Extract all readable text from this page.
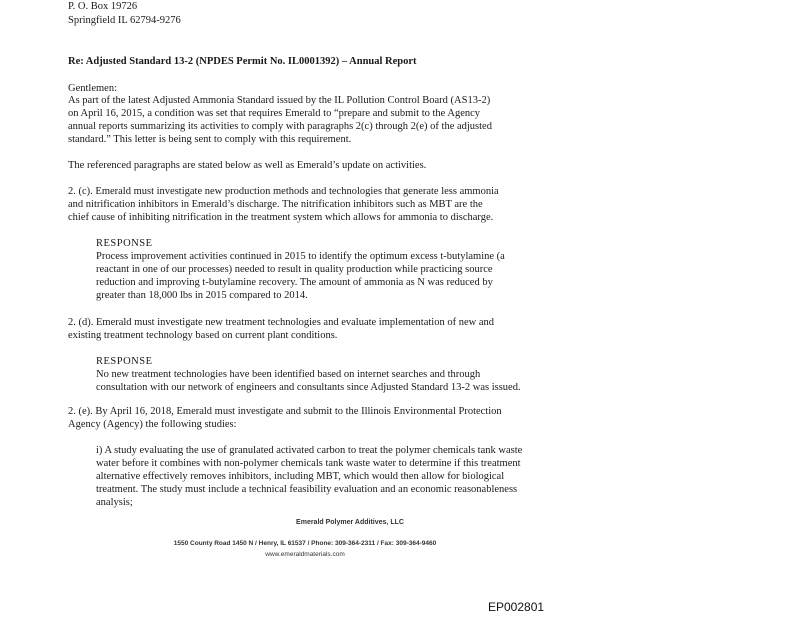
P. O. Box 19726
Springfield IL 62794-9276
Re: Adjusted Standard 13-2 (NPDES Permit No. IL0001392) – Annual Report
Gentlemen:
As part of the latest Adjusted Ammonia Standard issued by the IL Pollution Control Board (AS13-2)
on April 16, 2015, a condition was set that requires Emerald to “prepare and submit to the Agency
annual reports summarizing its activities to comply with paragraphs 2(c) through 2(e) of the adjusted
standard.” This letter is being sent to comply with this requirement.
The referenced paragraphs are stated below as well as Emerald’s update on activities.
2. (c). Emerald must investigate new production methods and technologies that generate less ammonia
and nitrification inhibitors in Emerald’s discharge. The nitrification inhibitors such as MBT are the
chief cause of inhibiting nitrification in the treatment system which allows for ammonia to discharge.
RESPONSE
Process improvement activities continued in 2015 to identify the optimum excess t-butylamine (a
reactant in one of our processes) needed to result in quality production while practicing source
reduction and improving t-butylamine recovery. The amount of ammonia as N was reduced by
greater than 18,000 lbs in 2015 compared to 2014.
2. (d). Emerald must investigate new treatment technologies and evaluate implementation of new and
existing treatment technology based on current plant conditions.
RESPONSE
No new treatment technologies have been identified based on internet searches and through
consultation with our network of engineers and consultants since Adjusted Standard 13-2 was issued.
2. (e). By April 16, 2018, Emerald must investigate and submit to the Illinois Environmental Protection
Agency (Agency) the following studies:
i) A study evaluating the use of granulated activated carbon to treat the polymer chemicals tank waste
water before it combines with non-polymer chemicals tank waste water to determine if this treatment
alternative effectively removes inhibitors, including MBT, which would then allow for biological
treatment. The study must include a technical feasibility evaluation and an economic reasonableness
analysis;
Emerald Polymer Additives, LLC
1550 County Road 1450 N / Henry, IL 61537 / Phone: 309-364-2311 / Fax: 309-364-9460
www.emeraldmaterials.com
EP002801
